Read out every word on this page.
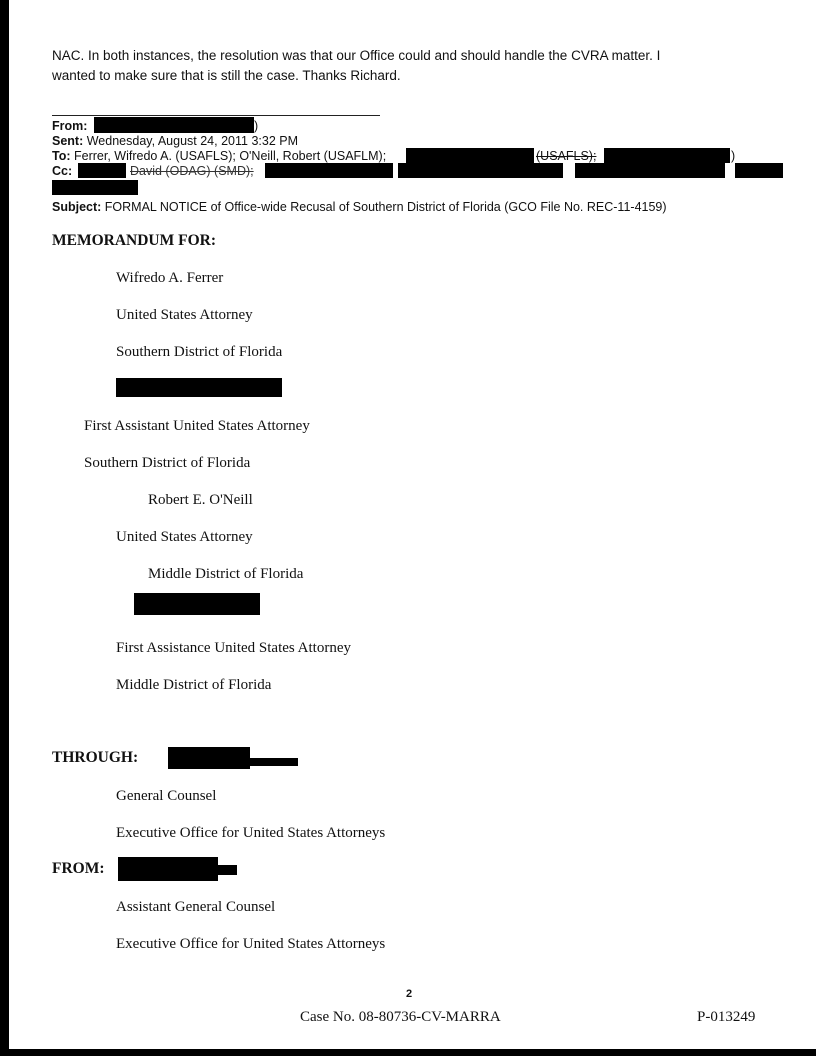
NAC. In both instances, the resolution was that our Office could and should handle the CVRA matter. I
wanted to make sure that is still the case. Thanks Richard.
From:	)
Sent: Wednesday, August 24, 2011 3:32 PM
To: Ferrer, Wifredo A. (USAFLS); O'Neill, Robert (USAFLM);	(USAFLS);	)
Cc:	David (ODAG) (SMD);
Subject: FORMAL NOTICE of Office-wide Recusal of Southern District of Florida (GCO File No. REC-11-4159)
MEMORANDUM FOR:
Wifredo A. Ferrer
United States Attorney
Southern District of Florida
First Assistant United States Attorney
Southern District of Florida
Robert E. O'Neill
United States Attorney
Middle District of Florida
First Assistance United States Attorney
Middle District of Florida
THROUGH:
General Counsel
Executive Office for United States Attorneys
FROM:
Assistant General Counsel
Executive Office for United States Attorneys
2
Case No. 08-80736-CV-MARRA	P-013249
